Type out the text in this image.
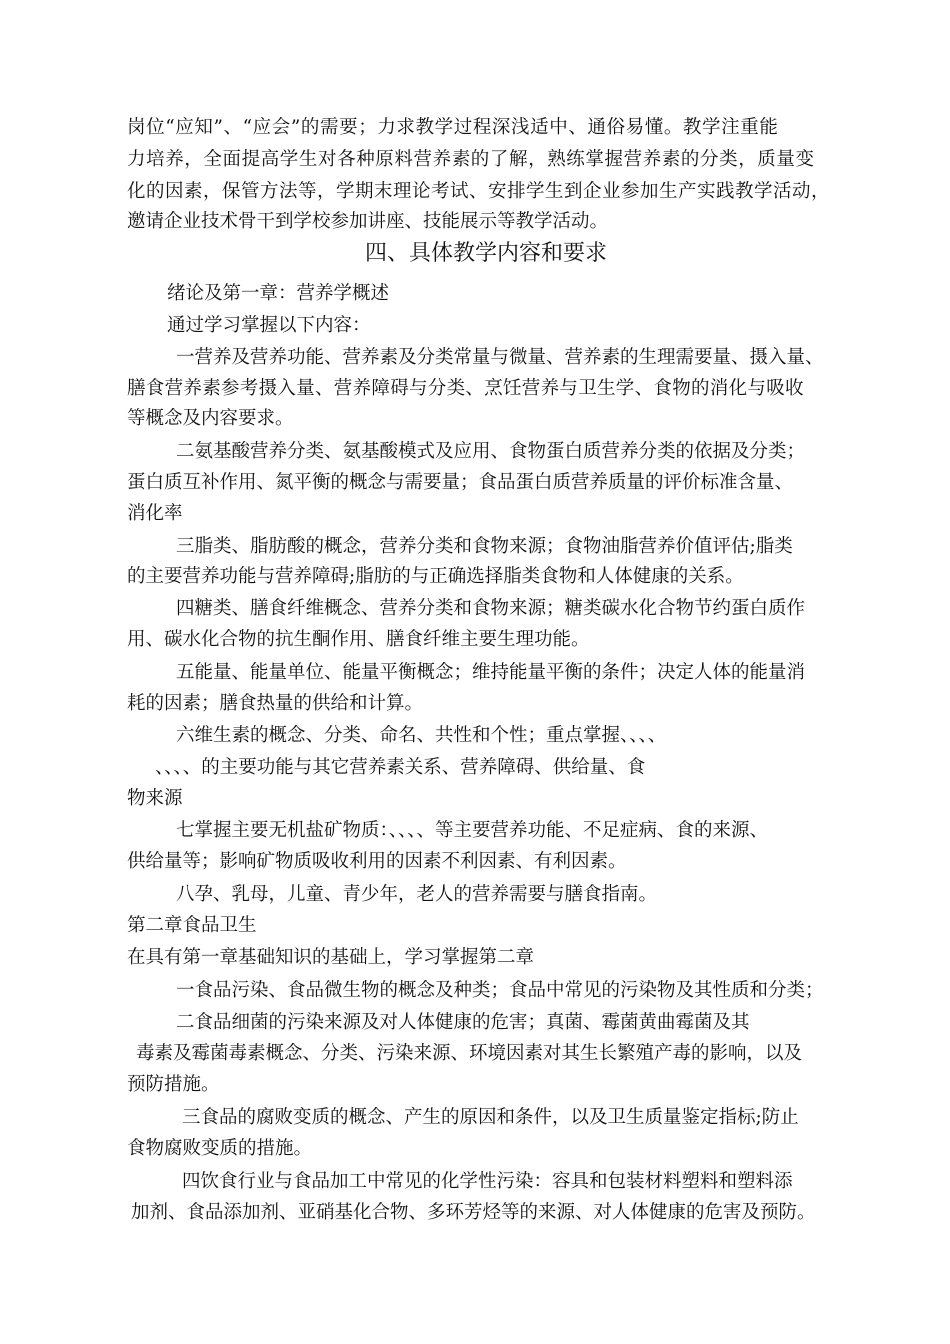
岗位“应知”、“应会”的需要；力求教学过程深浅适中、通俗易懂。教学注重能
力培养，全面提高学生对各种原料营养素的了解，熟练掌握营养素的分类，质量变
化的因素，保管方法等，学期末理论考试、安排学生到企业参加生产实践教学活动，
邀请企业技术骨干到学校参加讲座、技能展示等教学活动。
四、具体教学内容和要求
绪论及第一章：营养学概述
通过学习掌握以下内容：
一营养及营养功能、营养素及分类常量与微量、营养素的生理需要量、摄入量、
膳食营养素参考摄入量、营养障碍与分类、烹饪营养与卫生学、食物的消化与吸收
等概念及内容要求。
二氨基酸营养分类、氨基酸模式及应用、食物蛋白质营养分类的依据及分类；
蛋白质互补作用、氮平衡的概念与需要量；食品蛋白质营养质量的评价标准含量、
消化率
三脂类、脂肪酸的概念，营养分类和食物来源；食物油脂营养价值评估;脂类
的主要营养功能与营养障碍;脂肪的与正确选择脂类食物和人体健康的关系。
四糖类、膳食纤维概念、营养分类和食物来源；糖类碳水化合物节约蛋白质作
用、碳水化合物的抗生酮作用、膳食纤维主要生理功能。
五能量、能量单位、能量平衡概念；维持能量平衡的条件；决定人体的能量消
耗的因素；膳食热量的供给和计算。
六维生素的概念、分类、命名、共性和个性；重点掌握、、、、
、、、、的主要功能与其它营养素关系、营养障碍、供给量、食
物来源
七掌握主要无机盐矿物质：、、、、等主要营养功能、不足症病、食的来源、
供给量等；影响矿物质吸收利用的因素不利因素、有利因素。
八孕、乳母，儿童、青少年，老人的营养需要与膳食指南。
第二章食品卫生
在具有第一章基础知识的基础上，学习掌握第二章
一食品污染、食品微生物的概念及种类；食品中常见的污染物及其性质和分类；
二食品细菌的污染来源及对人体健康的危害；真菌、霉菌黄曲霉菌及其
毒素及霉菌毒素概念、分类、污染来源、环境因素对其生长繁殖产毒的影响，以及
预防措施。
三食品的腐败变质的概念、产生的原因和条件，以及卫生质量鉴定指标;防止
食物腐败变质的措施。
四饮食行业与食品加工中常见的化学性污染：容具和包装材料塑料和塑料添
加剂、食品添加剂、亚硝基化合物、多环芳烃等的来源、对人体健康的危害及预防。
